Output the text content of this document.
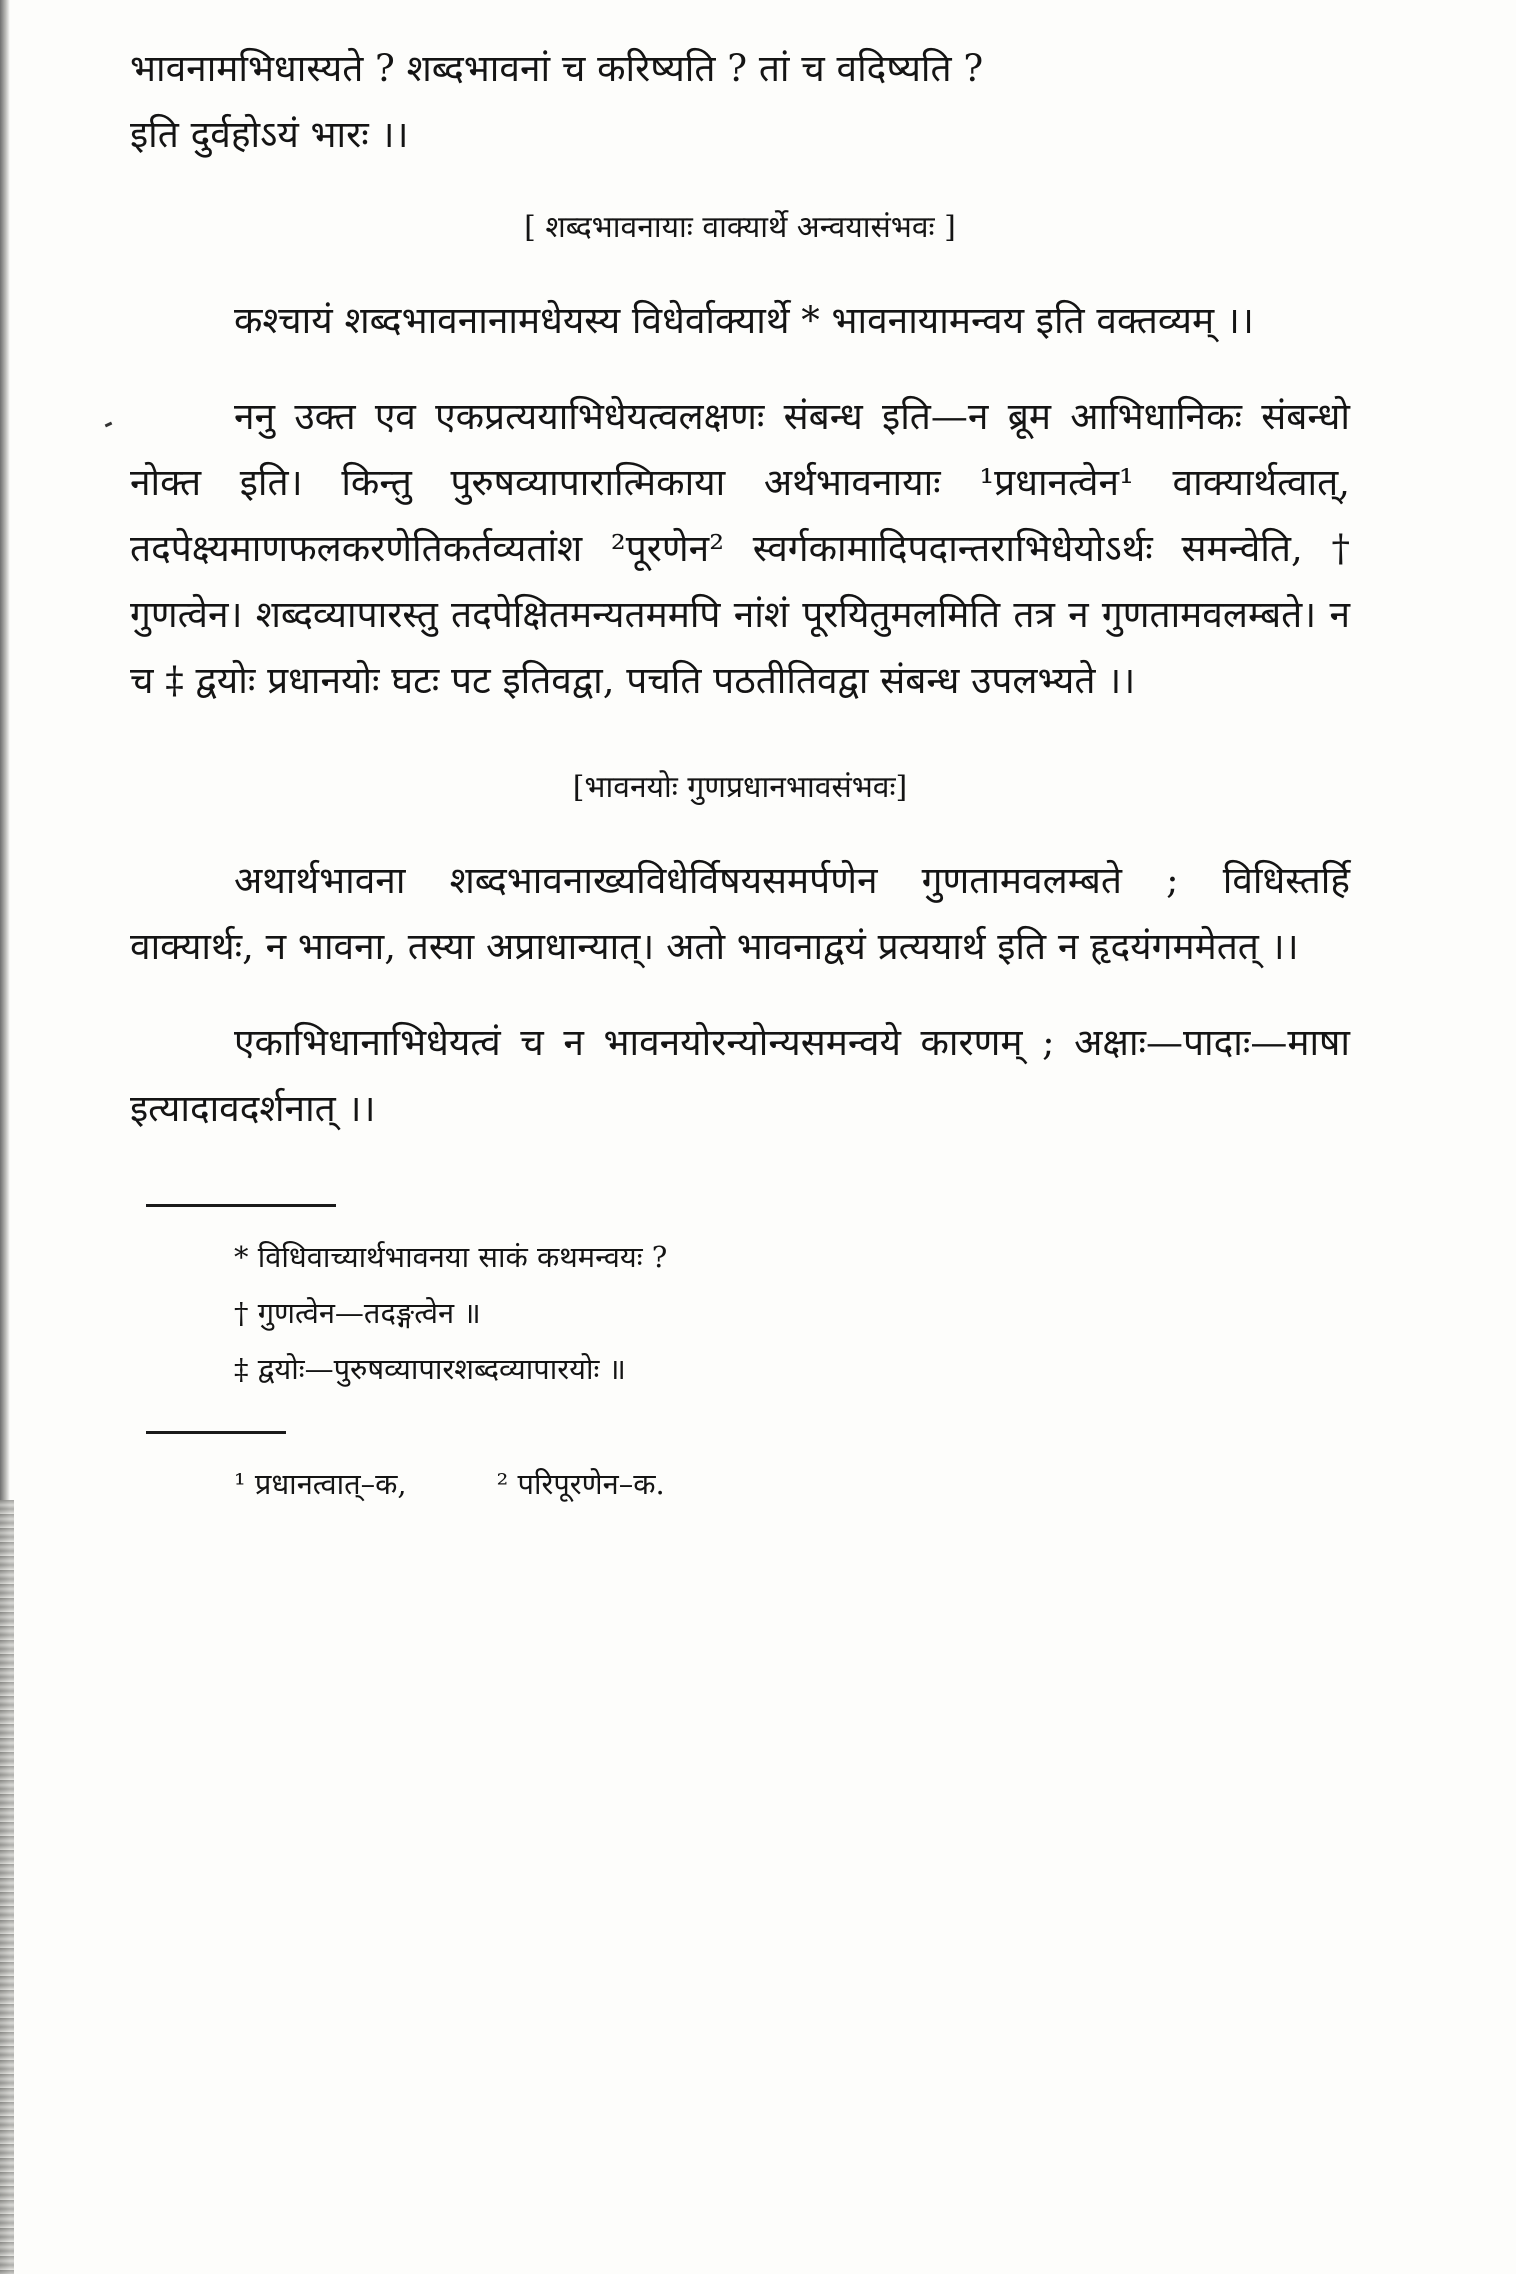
भावनामभिधास्यते ? शब्दभावनां च करिष्यति ? तां च वदिष्यति ?

इति दुर्वहोऽयं भारः ।।

[ शब्दभावनायाः वाक्यार्थे अन्वयासंभवः ]

कश्चायं शब्दभावनानामधेयस्य विधेर्वाक्यार्थे * भावनायामन्वय इति वक्तव्यम् ।।

ननु उक्त एव एकप्रत्ययाभिधेयत्वलक्षणः संबन्ध इति—न ब्रूम आभिधानिकः संबन्धो नोक्त इति। किन्तु पुरुषव्यापारात्मिकाया अर्थभावनायाः ¹प्रधानत्वेन¹ वाक्यार्थत्वात्, तदपेक्ष्यमाणफलकरणेतिकर्तव्यतांश ²पूरणेन² स्वर्गकामादिपदान्तराभिधेयोऽर्थः समन्वेति, † गुणत्वेन। शब्दव्यापारस्तु तदपेक्षितमन्यतममपि नांशं पूरयितुमलमिति तत्र न गुणतामवलम्बते। न च ‡ द्वयोः प्रधानयोः घटः पट इतिवद्वा, पचति पठतीतिवद्वा संबन्ध उपलभ्यते ।।

[भावनयोः गुणप्रधानभावसंभवः]

अथार्थभावना शब्दभावनाख्यविधेर्विषयसमर्पणेन गुणतामवलम्बते ; विधिस्तर्हि वाक्यार्थः, न भावना, तस्या अप्राधान्यात्। अतो भावनाद्वयं प्रत्ययार्थ इति न हृदयंगममेतत् ।।

एकाभिधानाभिधेयत्वं च न भावनयोरन्योन्यसमन्वये कारणम् ; अक्षाः—पादाः—माषा इत्यादावदर्शनात् ।।

* विधिवाच्यार्थभावनया साकं कथमन्वयः ?

† गुणत्वेन—तदङ्गत्वेन ॥

‡ द्वयोः—पुरुषव्यापारशब्दव्यापारयोः ॥

¹ प्रधानत्वात्–क,	² परिपूरणेन–क.
